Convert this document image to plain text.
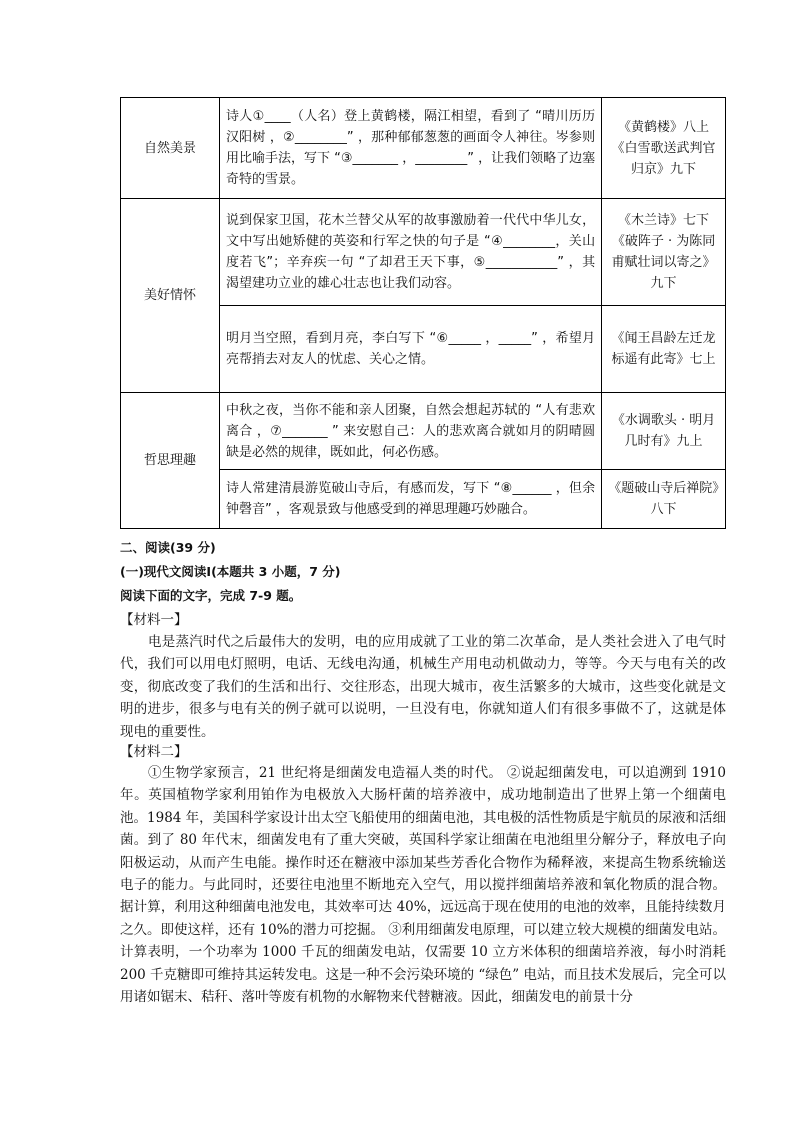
自然美景	诗人①____（人名）登上黄鹤楼，隔江相望，看到了 “晴川历历汉阳树 ，②________” ，那种郁郁葱葱的画面令人神往。岑参则用比喻手法，写下 “③_______ ，________” ，让我们领略了边塞奇特的雪景。	《黄鹤楼》八上 《白雪歌送武判官归京》九下
美好情怀	说到保家卫国，花木兰替父从军的故事激励着一代代中华儿女，文中写出她矫健的英姿和行军之快的句子是 “④________，关山度若飞”；辛弃疾一句 “了却君王天下事，⑤___________” ，其渴望建功立业的雄心壮志也让我们动容。	《木兰诗》七下 《破阵子 · 为陈同甫赋壮词以寄之》九下
	明月当空照，看到月亮，李白写下 “⑥_____ ，_____” ，希望月亮帮捎去对友人的忧虑、关心之情。	《闻王昌龄左迁龙标遥有此寄》七上
哲思理趣	中秋之夜，当你不能和亲人团聚，自然会想起苏轼的 “人有悲欢离合 ，⑦_______ ” 来安慰自己：人的悲欢离合就如月的阴晴圆缺是必然的规律，既如此，何必伤感。	《水调歌头 · 明月几时有》九上
	诗人常建清晨游览破山寺后，有感而发，写下 “⑧______ ，但余钟磬音” ，客观景致与他感受到的禅思理趣巧妙融合。	《题破山寺后禅院》八下
二、阅读(39 分)
(一)现代文阅读Ⅰ(本题共 3 小题，7 分)
阅读下面的文字，完成 7-9 题。
【材料一】
电是蒸汽时代之后最伟大的发明，电的应用成就了工业的第二次革命，是人类社会进入了电气时代，我们可以用电灯照明，电话、无线电沟通，机械生产用电动机做动力，等等。今天与电有关的改变，彻底改变了我们的生活和出行、交往形态，出现大城市，夜生活繁多的大城市，这些变化就是文明的进步，很多与电有关的例子就可以说明，一旦没有电，你就知道人们有很多事做不了，这就是体现电的重要性。
【材料二】
①生物学家预言，21 世纪将是细菌发电造福人类的时代。 ②说起细菌发电，可以追溯到 1910 年。英国植物学家利用铂作为电极放入大肠杆菌的培养液中，成功地制造出了世界上第一个细菌电池。1984 年，美国科学家设计出太空飞船使用的细菌电池，其电极的活性物质是宇航员的尿液和活细菌。到了 80 年代末，细菌发电有了重大突破，英国科学家让细菌在电池组里分解分子，释放电子向阳极运动，从而产生电能。操作时还在糖液中添加某些芳香化合物作为稀释液，来提高生物系统输送电子的能力。与此同时，还要往电池里不断地充入空气，用以搅拌细菌培养液和氧化物质的混合物。据计算，利用这种细菌电池发电，其效率可达 40%，远远高于现在使用的电池的效率，且能持续数月之久。即使这样，还有 10%的潜力可挖掘。 ③利用细菌发电原理，可以建立较大规模的细菌发电站。计算表明，一个功率为 1000 千瓦的细菌发电站，仅需要 10 立方米体积的细菌培养液，每小时消耗 200 千克糖即可维持其运转发电。这是一种不会污染环境的 “绿色” 电站，而且技术发展后，完全可以用诸如锯末、秸秆、落叶等废有机物的水解物来代替糖液。因此，细菌发电的前景十分
